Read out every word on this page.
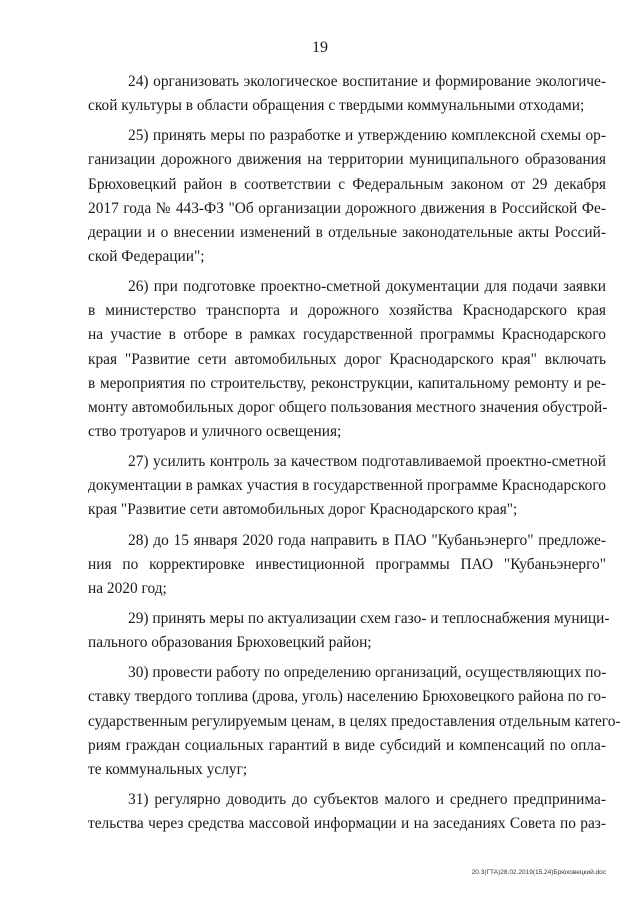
19
24) организовать экологическое воспитание и формирование экологиче-
ской культуры в области обращения с твердыми коммунальными отходами;
25) принять меры по разработке и утверждению комплексной схемы ор-
ганизации дорожного движения на территории муниципального образования
Брюховецкий район в соответствии с Федеральным законом от 29 декабря
2017 года № 443-ФЗ "Об организации дорожного движения в Российской Фе-
дерации и о внесении изменений в отдельные законодательные акты Россий-
ской Федерации";
26) при подготовке проектно-сметной документации для подачи заявки
в министерство транспорта и дорожного хозяйства Краснодарского края
на участие в отборе в рамках государственной программы Краснодарского
края "Развитие сети автомобильных дорог Краснодарского края" включать
в мероприятия по строительству, реконструкции, капитальному ремонту и ре-
монту автомобильных дорог общего пользования местного значения обустрой-
ство тротуаров и уличного освещения;
27) усилить контроль за качеством подготавливаемой проектно-сметной
документации в рамках участия в государственной программе Краснодарского
края "Развитие сети автомобильных дорог Краснодарского края";
28) до 15 января 2020 года направить в ПАО "Кубаньэнерго" предложе-
ния по корректировке инвестиционной программы ПАО "Кубаньэнерго"
на 2020 год;
29) принять меры по актуализации схем газо- и теплоснабжения муници-
пального образования Брюховецкий район;
30) провести работу по определению организаций, осуществляющих по-
ставку твердого топлива (дрова, уголь) населению Брюховецкого района по го-
сударственным регулируемым ценам, в целях предоставления отдельным катего-
риям граждан социальных гарантий в виде субсидий и компенсаций по опла-
те коммунальных услуг;
31) регулярно доводить до субъектов малого и среднего предпринима-
тельства через средства массовой информации и на заседаниях Совета по раз-
20.3(ГТА)28.02.2019(15.24)Брюховецкий.doc
